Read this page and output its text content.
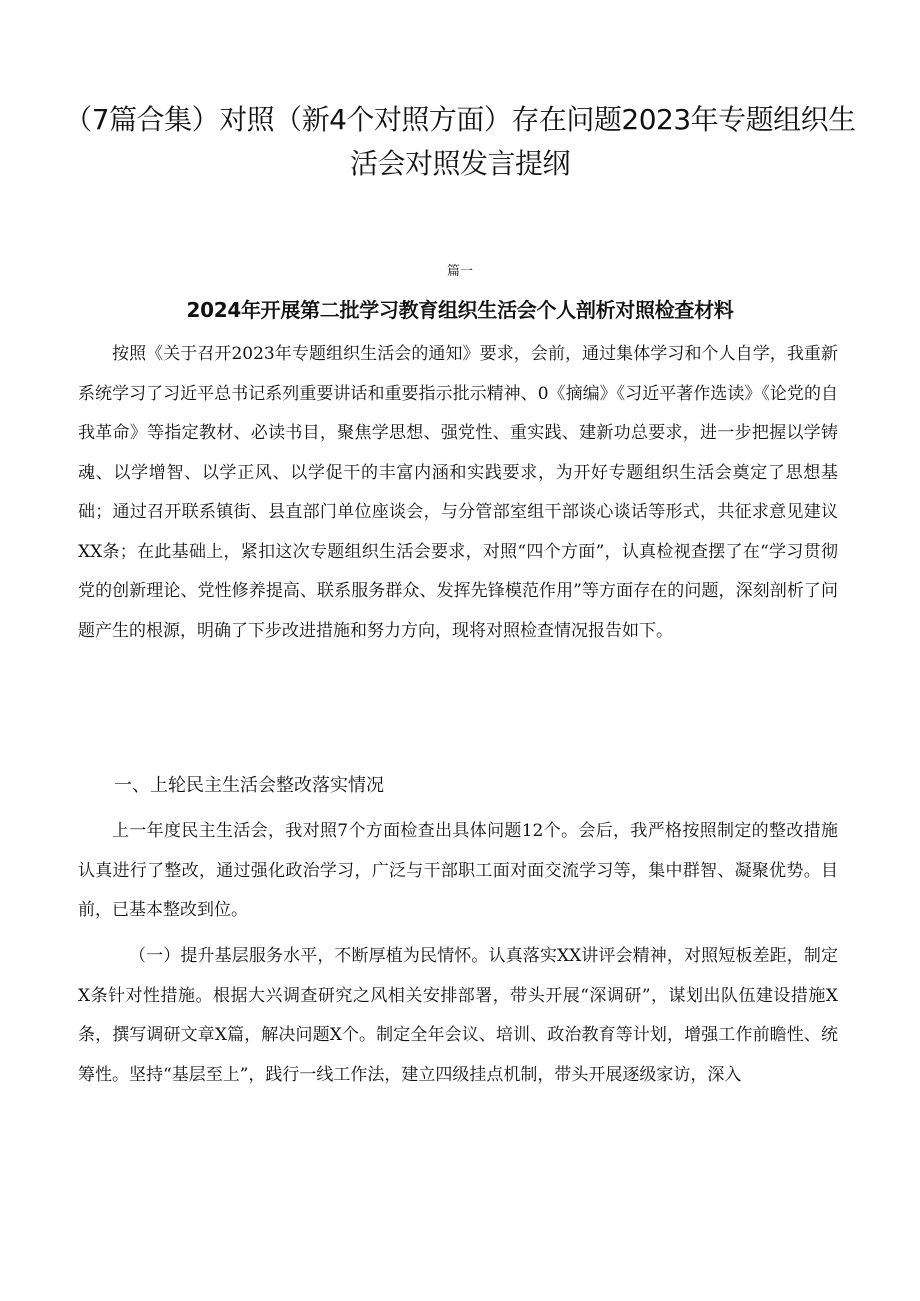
（7篇合集）对照（新4个对照方面）存在问题2023年专题组织生活会对照发言提纲
篇一
2024年开展第二批学习教育组织生活会个人剖析对照检查材料

按照《关于召开2023年专题组织生活会的通知》要求，会前，通过集体学习和个人自学，我重新系统学习了习近平总书记系列重要讲话和重要指示批示精神、0《摘编》《习近平著作选读》《论党的自我革命》等指定教材、必读书目，聚焦学思想、强党性、重实践、建新功总要求，进一步把握以学铸魂、以学增智、以学正风、以学促干的丰富内涵和实践要求，为开好专题组织生活会奠定了思想基础；通过召开联系镇街、县直部门单位座谈会，与分管部室组干部谈心谈话等形式，共征求意见建议XX条；在此基础上，紧扣这次专题组织生活会要求，对照“四个方面”，认真检视查摆了在“学习贯彻党的创新理论、党性修养提高、联系服务群众、发挥先锋模范作用”等方面存在的问题，深刻剖析了问题产生的根源，明确了下步改进措施和努力方向，现将对照检查情况报告如下。

一、上轮民主生活会整改落实情况

上一年度民主生活会，我对照7个方面检查出具体问题12个。会后，我严格按照制定的整改措施认真进行了整改，通过强化政治学习，广泛与干部职工面对面交流学习等，集中群智、凝聚优势。目前，已基本整改到位。

（一）提升基层服务水平，不断厚植为民情怀。认真落实XX讲评会精神，对照短板差距，制定X条针对性措施。根据大兴调查研究之风相关安排部署，带头开展“深调研”，谋划出队伍建设措施X条，撰写调研文章X篇，解决问题X个。制定全年会议、培训、政治教育等计划，增强工作前瞻性、统筹性。坚持“基层至上”，践行一线工作法，建立四级挂点机制，带头开展逐级家访，深入
